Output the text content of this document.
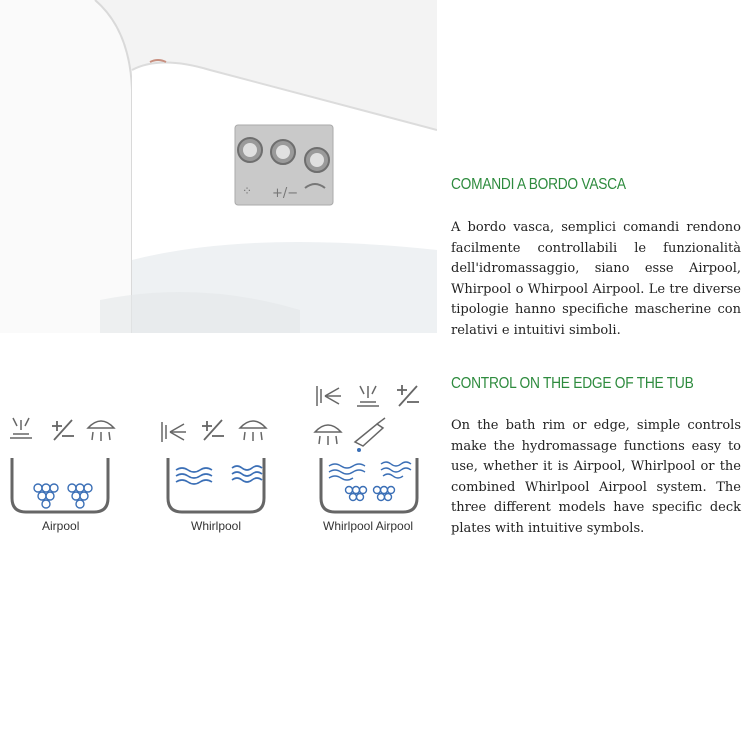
⁘ +/−
COMANDI A BORDO VASCA
A bordo vasca, semplici comandi rendono facilmente controllabili le funzionalità dell'idromassaggio, siano esse Airpool, Whirpool o Whirpool Airpool. Le tre diverse tipologie hanno specifiche mascherine con relativi e intuitivi simboli.
CONTROL ON THE EDGE OF THE TUB
On the bath rim or edge, simple controls make the hydromassage functions easy to use, whether it is Airpool, Whirlpool or the combined Whirlpool Airpool system. The three different models have specific deck plates with intuitive symbols.
Airpool	Whirlpool	Whirlpool Airpool
